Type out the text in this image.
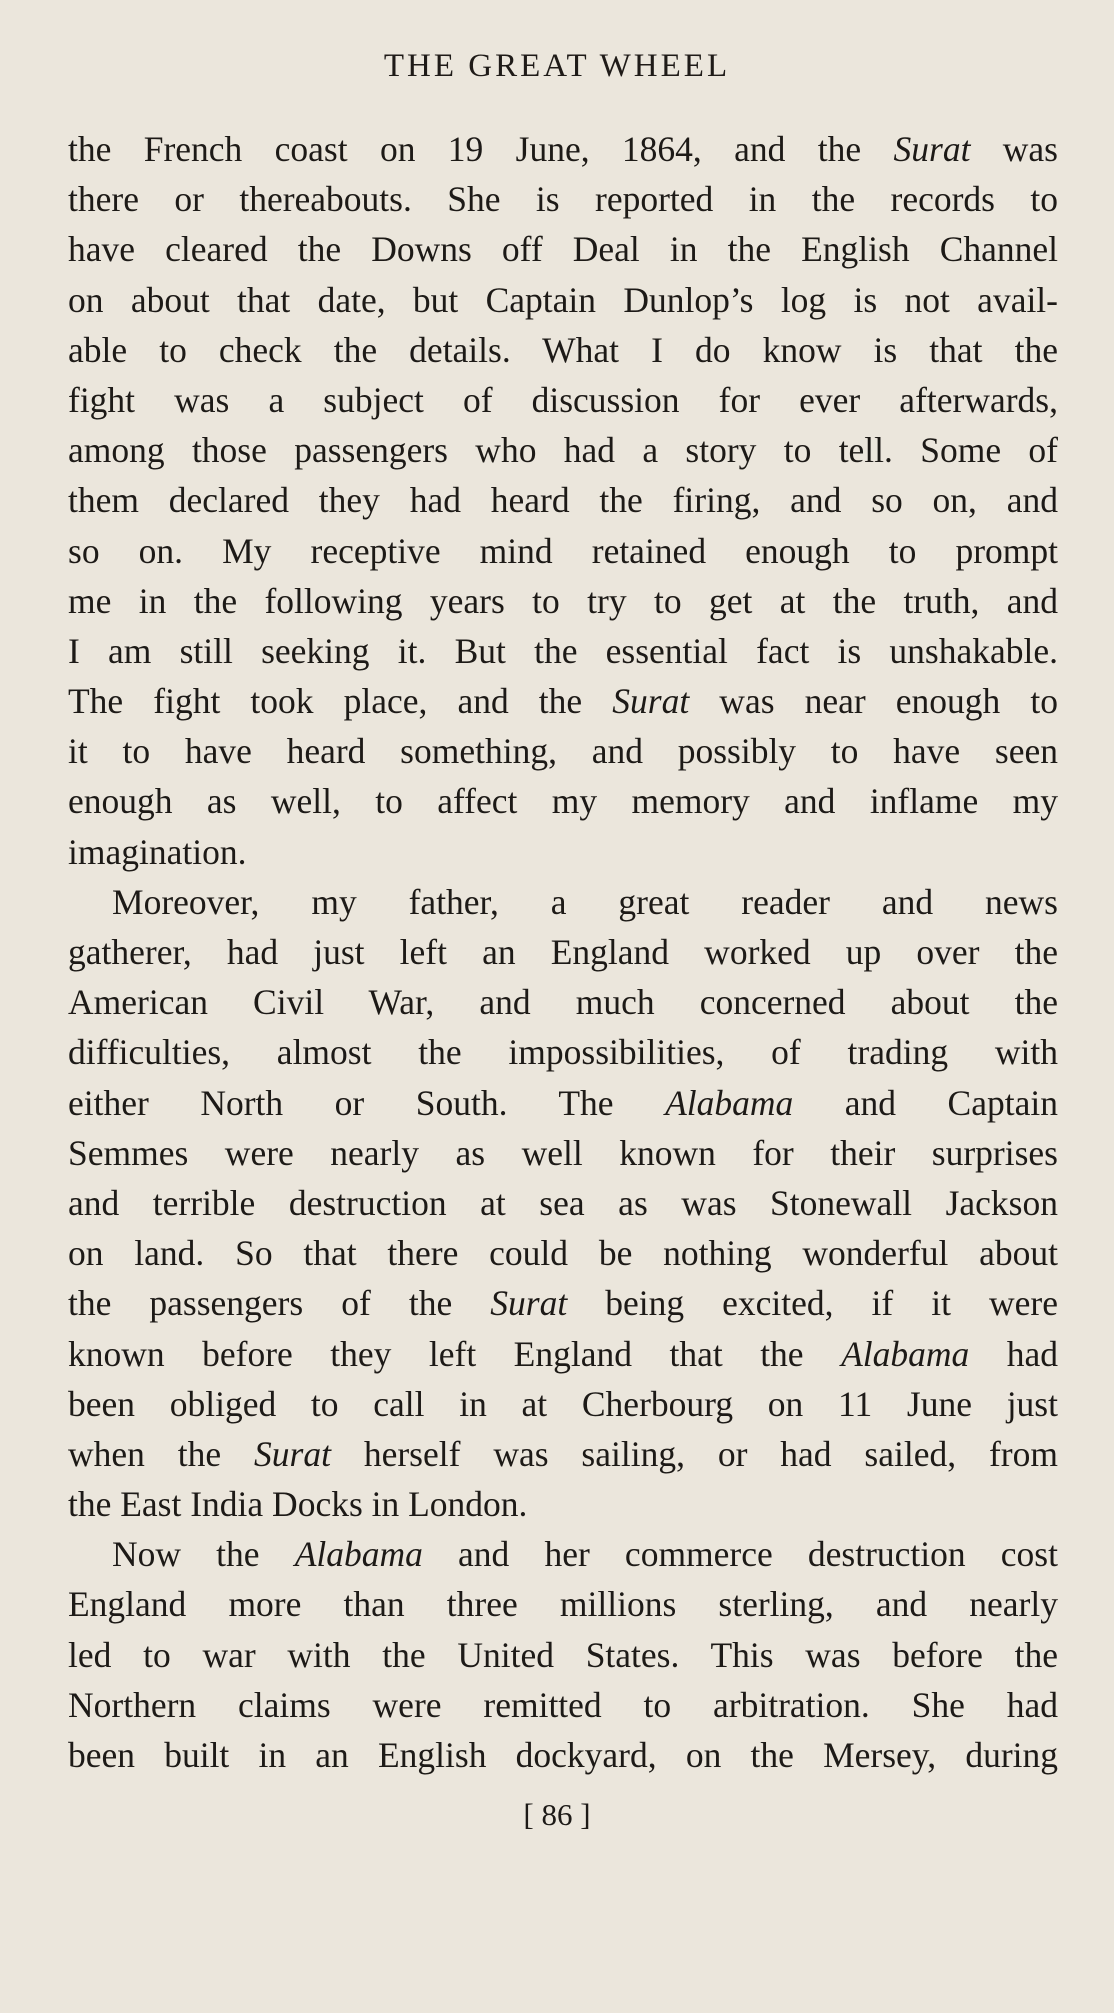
THE GREAT WHEEL
the French coast on 19 June, 1864, and the Surat was
there or thereabouts. She is reported in the records to
have cleared the Downs off Deal in the English Channel
on about that date, but Captain Dunlop’s log is not avail-
able to check the details. What I do know is that the
fight was a subject of discussion for ever afterwards,
among those passengers who had a story to tell. Some of
them declared they had heard the firing, and so on, and
so on. My receptive mind retained enough to prompt
me in the following years to try to get at the truth, and
I am still seeking it. But the essential fact is unshakable.
The fight took place, and the Surat was near enough to
it to have heard something, and possibly to have seen
enough as well, to affect my memory and inflame my
imagination.
Moreover, my father, a great reader and news
gatherer, had just left an England worked up over the
American Civil War, and much concerned about the
difficulties, almost the impossibilities, of trading with
either North or South. The Alabama and Captain
Semmes were nearly as well known for their surprises
and terrible destruction at sea as was Stonewall Jackson
on land. So that there could be nothing wonderful about
the passengers of the Surat being excited, if it were
known before they left England that the Alabama had
been obliged to call in at Cherbourg on 11 June just
when the Surat herself was sailing, or had sailed, from
the East India Docks in London.
Now the Alabama and her commerce destruction cost
England more than three millions sterling, and nearly
led to war with the United States. This was before the
Northern claims were remitted to arbitration. She had
been built in an English dockyard, on the Mersey, during
[ 86 ]
